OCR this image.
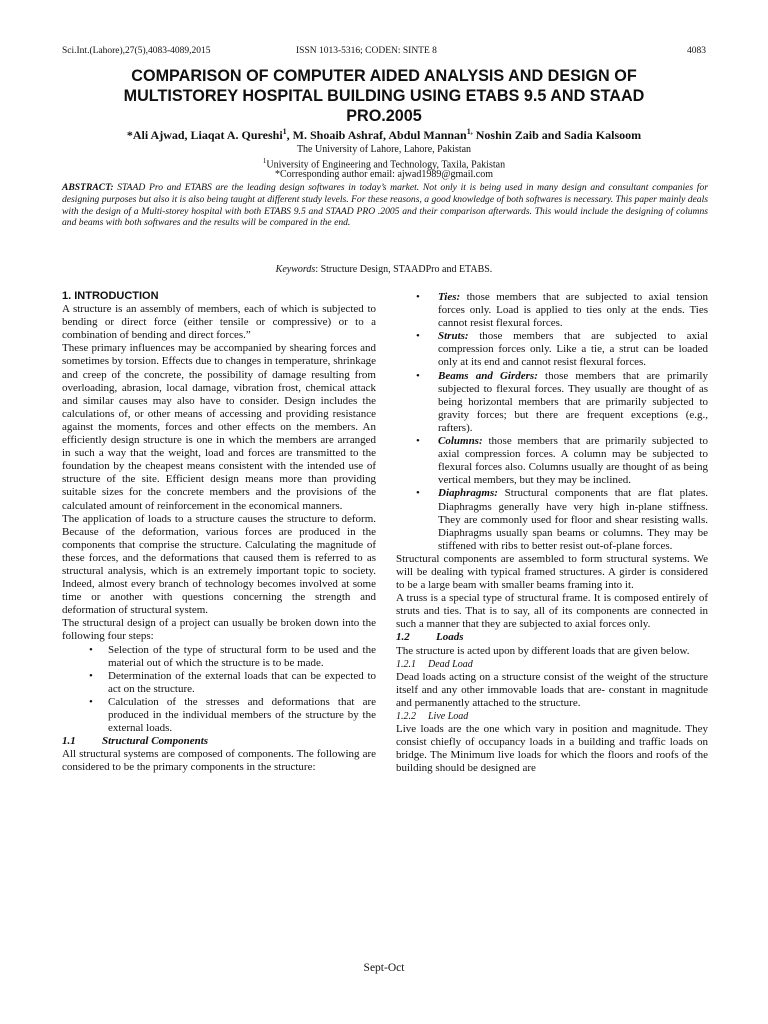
Sci.Int.(Lahore),27(5),4083-4089,2015	ISSN 1013-5316; CODEN: SINTE 8	4083
COMPARISON OF COMPUTER AIDED ANALYSIS AND DESIGN OF
MULTISTOREY HOSPITAL BUILDING USING ETABS 9.5 AND STAAD
PRO.2005
*Ali Ajwad, Liaqat A. Qureshi$^1$, M. Shoaib Ashraf, Abdul Mannan$^{1,}$ Noshin Zaib and Sadia Kalsoom
The University of Lahore, Lahore, Pakistan
$^1$University of Engineering and Technology, Taxila, Pakistan
*Corresponding author email: ajwad1989@gmail.com
ABSTRACT: STAAD Pro and ETABS are the leading design softwares in today’s market. Not only it is being used in many design and consultant companies for designing purposes but also it is also being taught at different study levels. For these reasons, a good knowledge of both softwares is necessary. This paper mainly deals with the design of a Multi-storey hospital with both ETABS 9.5 and STAAD PRO .2005 and their comparison afterwards. This would include the designing of columns and beams with both softwares and the results will be compared in the end.
Keywords: Structure Design, STAADPro and ETABS.

1. INTRODUCTION

A structure is an assembly of members, each of which is subjected to bending or direct force (either tensile or compressive) or to a combination of bending and direct forces.”

These primary influences may be accompanied by shearing forces and sometimes by torsion. Effects due to changes in temperature, shrinkage and creep of the concrete, the possibility of damage resulting from overloading, abrasion, local damage, vibration frost, chemical attack and similar causes may also have to consider. Design includes the calculations of, or other means of accessing and providing resistance against the moments, forces and other effects on the members. An efficiently design structure is one in which the members are arranged in such a way that the weight, load and forces are transmitted to the foundation by the cheapest means consistent with the intended use of structure of the site. Efficient design means more than providing suitable sizes for the concrete members and the provisions of the calculated amount of reinforcement in the economical manners.

The application of loads to a structure causes the structure to deform. Because of the deformation, various forces are produced in the components that comprise the structure. Calculating the magnitude of these forces, and the deformations that caused them is referred to as structural analysis, which is an extremely important topic to society. Indeed, almost every branch of technology becomes involved at some time or another with questions concerning the strength and deformation of structural system.

The structural design of a project can usually be broken down into the following four steps:

• Selection of the type of structural form to be used and the material out of which the structure is to be made.
• Determination of the external loads that can be expected to act on the structure.
• Calculation of the stresses and deformations that are produced in the individual members of the structure by the external loads.

1.1 Structural Components

All structural systems are composed of components. The following are considered to be the primary components in the structure:

• Ties: those members that are subjected to axial tension forces only. Load is applied to ties only at the ends. Ties cannot resist flexural forces.
• Struts: those members that are subjected to axial compression forces only. Like a tie, a strut can be loaded only at its end and cannot resist flexural forces.
• Beams and Girders: those members that are primarily subjected to flexural forces. They usually are thought of as being horizontal members that are primarily subjected to gravity forces; but there are frequent exceptions (e.g., rafters).
• Columns: those members that are primarily subjected to axial compression forces. A column may be subjected to flexural forces also. Columns usually are thought of as being vertical members, but they may be inclined.
• Diaphragms: Structural components that are flat plates. Diaphragms generally have very high in-plane stiffness. They are commonly used for floor and shear resisting walls. Diaphragms usually span beams or columns. They may be stiffened with ribs to better resist out-of-plane forces.

Structural components are assembled to form structural systems. We will be dealing with typical framed structures. A girder is considered to be a large beam with smaller beams framing into it.

A truss is a special type of structural frame. It is composed entirely of struts and ties. That is to say, all of its components are connected in such a manner that they are subjected to axial forces only.

1.2 Loads

The structure is acted upon by different loads that are given below.

1.2.1 Dead Load

Dead loads acting on a structure consist of the weight of the structure itself and any other immovable loads that are- constant in magnitude and permanently attached to the structure.

1.2.2 Live Load

Live loads are the one which vary in position and magnitude. They consist chiefly of occupancy loads in a building and traffic loads on bridge. The Minimum live loads for which the floors and roofs of the building should be designed are

Sept-Oct
